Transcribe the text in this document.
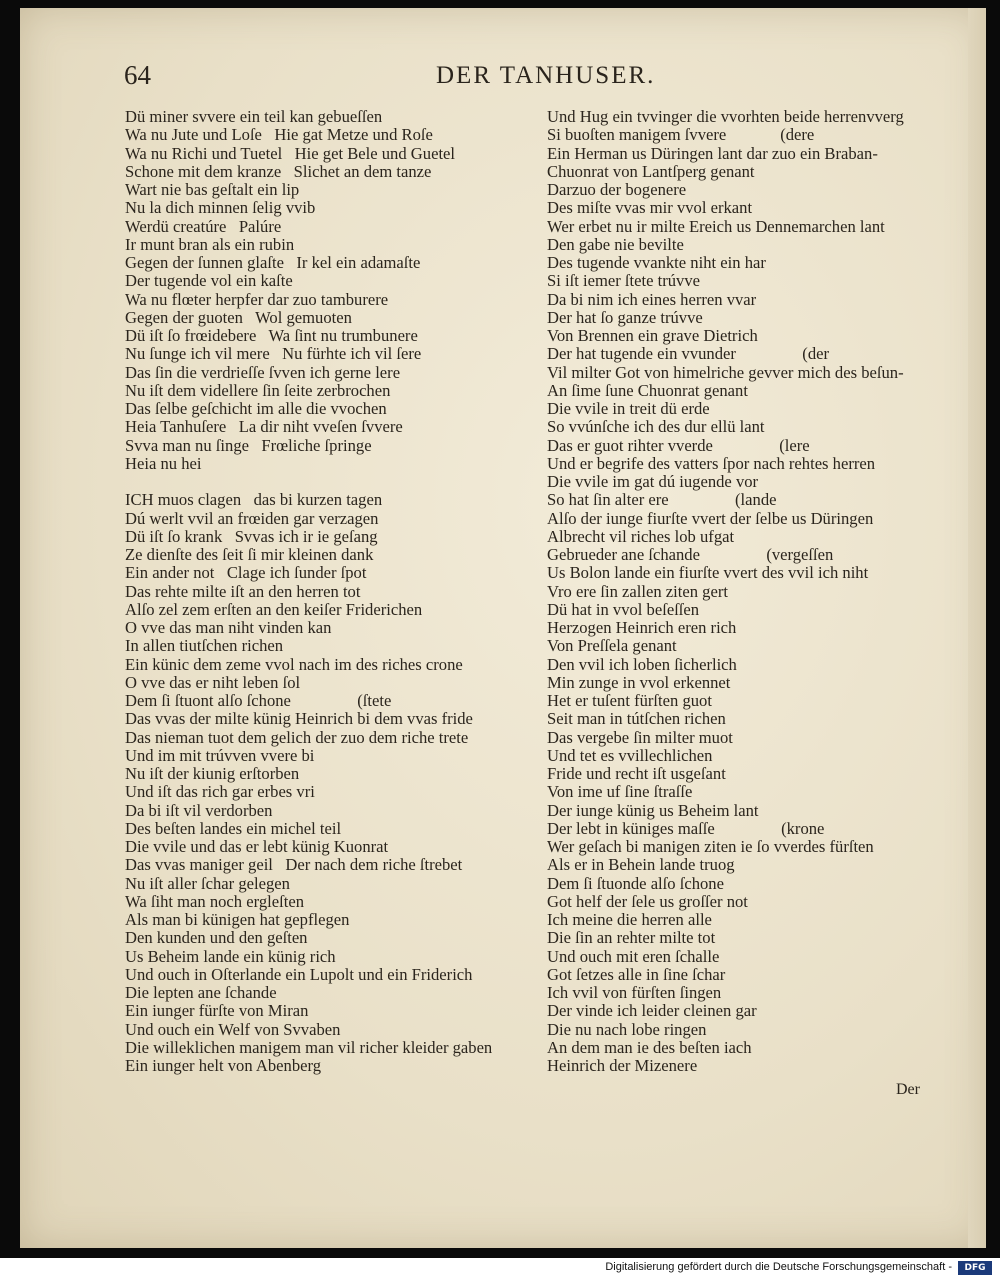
64	DER TANHUSER.
Dü miner svvere ein teil kan gebueſſen
Wa nu Jute und Loſe   Hie gat Metze und Roſe
Wa nu Richi und Tuetel   Hie get Bele und Guetel
Schone mit dem kranze   Slichet an dem tanze
Wart nie bas geſtalt ein lip
Nu la dich minnen ſelig vvib
Werdü creatúre   Palúre
Ir munt bran als ein rubin
Gegen der ſunnen glaſte   Ir kel ein adamaſte
Der tugende vol ein kaſte
Wa nu flœter herpfer dar zuo tamburere
Gegen der guoten   Wol gemuoten
Dü iſt ſo frœidebere   Wa ſint nu trumbunere
Nu ſunge ich vil mere   Nu fürhte ich vil ſere
Das ſin die verdrieſſe ſvven ich gerne lere
Nu iſt dem videllere ſin ſeite zerbrochen
Das ſelbe geſchicht im alle die vvochen
Heia Tanhuſere   La dir niht vveſen ſvvere
Svva man nu ſinge   Frœliche ſpringe
Heia nu hei
ICH muos clagen   das bi kurzen tagen
Dú werlt vvil an frœiden gar verzagen
Dü iſt ſo krank   Svvas ich ir ie geſang
Ze dienſte des ſeit ſi mir kleinen dank
Ein ander not   Clage ich ſunder ſpot
Das rehte milte iſt an den herren tot
Alſo zel zem erſten an den keiſer Friderichen
O vve das man niht vinden kan
In allen tiutſchen richen
Ein künic dem zeme vvol nach im des riches crone
O vve das er niht leben ſol
Dem ſi ſtuont alſo ſchone                (ſtete
Das vvas der milte künig Heinrich bi dem vvas fride
Das nieman tuot dem gelich der zuo dem riche trete
Und im mit trúvven vvere bi
Nu iſt der kiunig erſtorben
Und iſt das rich gar erbes vri
Da bi iſt vil verdorben
Des beſten landes ein michel teil
Die vvile und das er lebt künig Kuonrat
Das vvas maniger geil   Der nach dem riche ſtrebet
Nu iſt aller ſchar gelegen
Wa ſiht man noch ergleſten
Als man bi künigen hat gepflegen
Den kunden und den geſten
Us Beheim lande ein künig rich
Und ouch in Oſterlande ein Lupolt und ein Friderich
Die lepten ane ſchande
Ein iunger fürſte von Miran
Und ouch ein Welf von Svvaben
Die willeklichen manigem man vil richer kleider gaben
Ein iunger helt von Abenberg
Und Hug ein tvvinger die vvorhten beide herrenvverg
Si buoſten manigem ſvvere             (dere
Ein Herman us Düringen lant dar zuo ein Braban-
Chuonrat von Lantſperg genant
Darzuo der bogenere
Des miſte vvas mir vvol erkant
Wer erbet nu ir milte Ereich us Dennemarchen lant
Den gabe nie bevilte
Des tugende vvankte niht ein har
Si iſt iemer ſtete trúvve
Da bi nim ich eines herren vvar
Der hat ſo ganze trúvve
Von Brennen ein grave Dietrich
Der hat tugende ein vvunder                (der
Vil milter Got von himelriche gevver mich des beſun-
An ſime ſune Chuonrat genant
Die vvile in treit dü erde
So vvúnſche ich des dur ellü lant
Das er guot rihter vverde                (lere
Und er begrife des vatters ſpor nach rehtes herren
Die vvile im gat dú iugende vor
So hat ſin alter ere                (lande
Alſo der iunge fiurſte vvert der ſelbe us Düringen
Albrecht vil riches lob ufgat
Gebrueder ane ſchande                (vergeſſen
Us Bolon lande ein fiurſte vvert des vvil ich niht
Vro ere ſin zallen ziten gert
Dü hat in vvol beſeſſen
Herzogen Heinrich eren rich
Von Preſſela genant
Den vvil ich loben ſicherlich
Min zunge in vvol erkennet
Het er tuſent fürſten guot
Seit man in tútſchen richen
Das vergebe ſin milter muot
Und tet es vvillechlichen
Fride und recht iſt usgeſant
Von ime uf ſine ſtraſſe
Der iunge künig us Beheim lant
Der lebt in küniges maſſe                (krone
Wer geſach bi manigen ziten ie ſo vverdes fürſten
Als er in Behein lande truog
Dem ſi ſtuonde alſo ſchone
Got helf der ſele us groſſer not
Ich meine die herren alle
Die ſin an rehter milte tot
Und ouch mit eren ſchalle
Got ſetzes alle in ſine ſchar
Ich vvil von fürſten ſingen
Der vinde ich leider cleinen gar
Die nu nach lobe ringen
An dem man ie des beſten iach
Heinrich der Mizenere
Der
Digitalisierung gefördert durch die Deutsche Forschungsgemeinschaft -	DFG
